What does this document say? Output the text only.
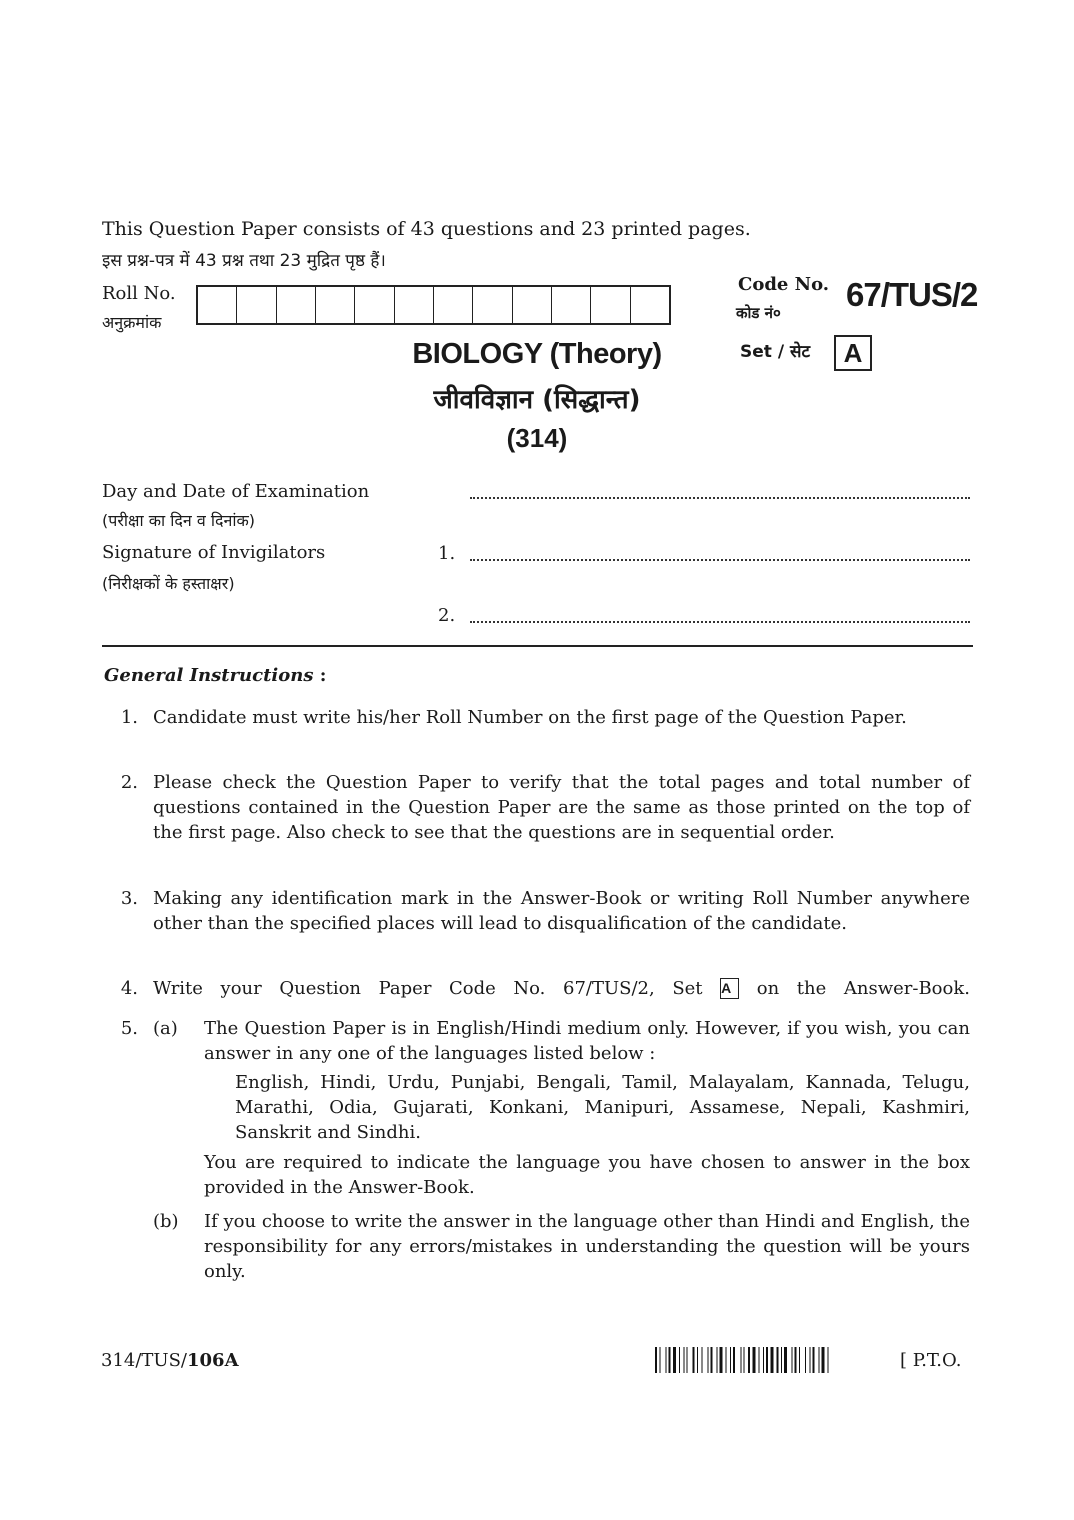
This Question Paper consists of 43 questions and 23 printed pages.
इस प्रश्न-पत्र में 43 प्रश्न तथा 23 मुद्रित पृष्ठ हैं।
Roll No.
अनुक्रमांक
Code No.
कोड नं० 67/TUS/2
Set / सेट	A
BIOLOGY (Theory)
जीवविज्ञान (सिद्धान्त)
(314)
Day and Date of Examination
(परीक्षा का दिन व दिनांक)
Signature of Invigilators
(निरीक्षकों के हस्ताक्षर)
1.
2.
General Instructions :
1. Candidate must write his/her Roll Number on the first page of the Question Paper.
2. Please check the Question Paper to verify that the total pages and total number of questions contained in the Question Paper are the same as those printed on the top of the first page. Also check to see that the questions are in sequential order.
3. Making any identification mark in the Answer-Book or writing Roll Number anywhere other than the specified places will lead to disqualification of the candidate.
4. Write your Question Paper Code No. 67/TUS/2, Set A on the Answer-Book.
5. (a) The Question Paper is in English/Hindi medium only. However, if you wish, you can answer in any one of the languages listed below :
English, Hindi, Urdu, Punjabi, Bengali, Tamil, Malayalam, Kannada, Telugu, Marathi, Odia, Gujarati, Konkani, Manipuri, Assamese, Nepali, Kashmiri, Sanskrit and Sindhi.
You are required to indicate the language you have chosen to answer in the box provided in the Answer-Book.
(b) If you choose to write the answer in the language other than Hindi and English, the responsibility for any errors/mistakes in understanding the question will be yours only.
314/TUS/106A	[ P.T.O.
